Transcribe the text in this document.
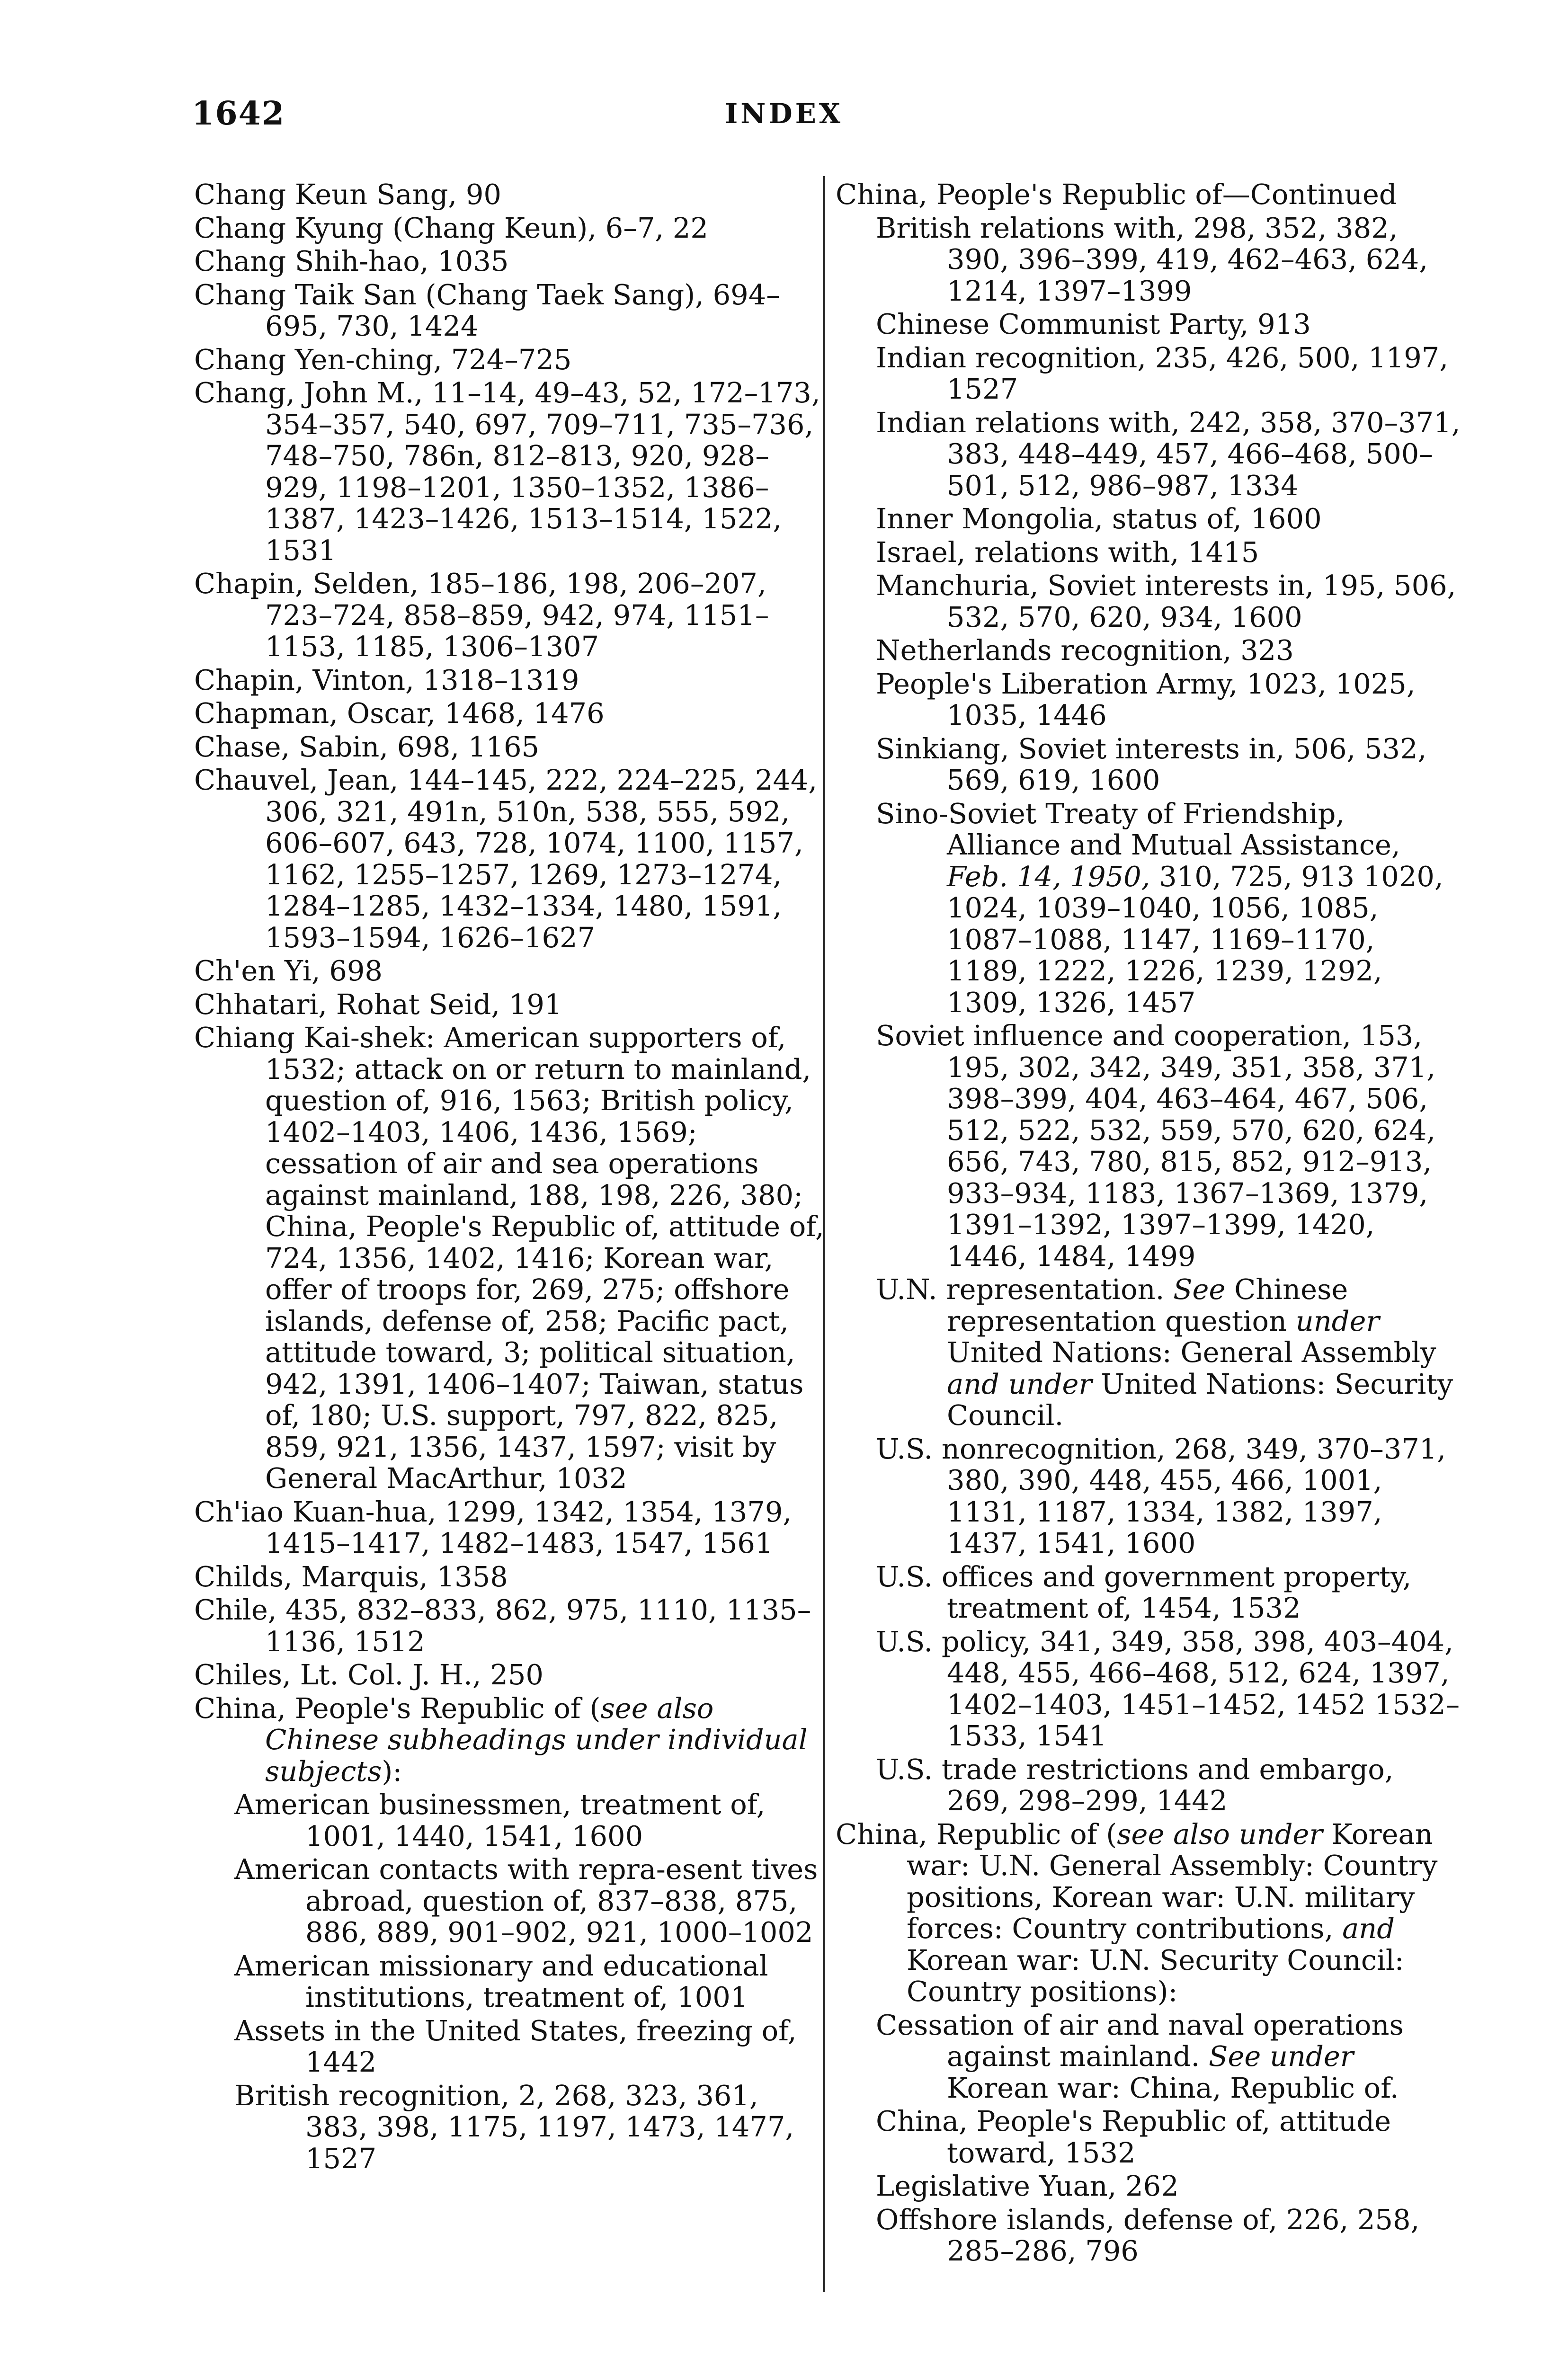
1642	INDEX
Chang Keun Sang, 90
Chang Kyung (Chang Keun), 6–7, 22
Chang Shih-hao, 1035
Chang Taik San (Chang Taek Sang), 694–695, 730, 1424
Chang Yen-ching, 724–725
Chang, John M., 11–14, 49–43, 52, 172–173, 354–357, 540, 697, 709–711, 735–736, 748–750, 786n, 812–813, 920, 928–929, 1198–1201, 1350–1352, 1386–1387, 1423–1426, 1513–1514, 1522, 1531
Chapin, Selden, 185–186, 198, 206–207, 723–724, 858–859, 942, 974, 1151–1153, 1185, 1306–1307
Chapin, Vinton, 1318–1319
Chapman, Oscar, 1468, 1476
Chase, Sabin, 698, 1165
Chauvel, Jean, 144–145, 222, 224–225, 244, 306, 321, 491n, 510n, 538, 555, 592, 606–607, 643, 728, 1074, 1100, 1157, 1162, 1255–1257, 1269, 1273–1274, 1284–1285, 1432–1334, 1480, 1591, 1593–1594, 1626–1627
Ch'en Yi, 698
Chhatari, Rohat Seid, 191
Chiang Kai-shek: American supporters of, 1532; attack on or return to mainland, question of, 916, 1563; British policy, 1402–1403, 1406, 1436, 1569; cessation of air and sea operations against mainland, 188, 198, 226, 380; China, People's Republic of, attitude of, 724, 1356, 1402, 1416; Korean war, offer of troops for, 269, 275; offshore islands, defense of, 258; Pacific pact, attitude toward, 3; political situation, 942, 1391, 1406–1407; Taiwan, status of, 180; U.S. support, 797, 822, 825, 859, 921, 1356, 1437, 1597; visit by General MacArthur, 1032
Ch'iao Kuan-hua, 1299, 1342, 1354, 1379, 1415–1417, 1482–1483, 1547, 1561
Childs, Marquis, 1358
Chile, 435, 832–833, 862, 975, 1110, 1135–1136, 1512
Chiles, Lt. Col. J. H., 250
China, People's Republic of (see also Chinese subheadings under individual subjects):
American businessmen, treatment of, 1001, 1440, 1541, 1600
American contacts with repra-esent tives abroad, question of, 837–838, 875, 886, 889, 901–902, 921, 1000–1002
American missionary and educational institutions, treatment of, 1001
Assets in the United States, freezing of, 1442
British recognition, 2, 268, 323, 361, 383, 398, 1175, 1197, 1473, 1477, 1527
China, People's Republic of—Continued
British relations with, 298, 352, 382, 390, 396–399, 419, 462–463, 624, 1214, 1397–1399
Chinese Communist Party, 913
Indian recognition, 235, 426, 500, 1197, 1527
Indian relations with, 242, 358, 370–371, 383, 448–449, 457, 466–468, 500–501, 512, 986–987, 1334
Inner Mongolia, status of, 1600
Israel, relations with, 1415
Manchuria, Soviet interests in, 195, 506, 532, 570, 620, 934, 1600
Netherlands recognition, 323
People's Liberation Army, 1023, 1025, 1035, 1446
Sinkiang, Soviet interests in, 506, 532, 569, 619, 1600
Sino-Soviet Treaty of Friendship, Alliance and Mutual Assistance, Feb. 14, 1950, 310, 725, 913 1020, 1024, 1039–1040, 1056, 1085, 1087–1088, 1147, 1169–1170, 1189, 1222, 1226, 1239, 1292, 1309, 1326, 1457
Soviet influence and cooperation, 153, 195, 302, 342, 349, 351, 358, 371, 398–399, 404, 463–464, 467, 506, 512, 522, 532, 559, 570, 620, 624, 656, 743, 780, 815, 852, 912–913, 933–934, 1183, 1367–1369, 1379, 1391–1392, 1397–1399, 1420, 1446, 1484, 1499
U.N. representation. See Chinese representation question under United Nations: General Assembly and under United Nations: Security Council.
U.S. nonrecognition, 268, 349, 370–371, 380, 390, 448, 455, 466, 1001, 1131, 1187, 1334, 1382, 1397, 1437, 1541, 1600
U.S. offices and government property, treatment of, 1454, 1532
U.S. policy, 341, 349, 358, 398, 403–404, 448, 455, 466–468, 512, 624, 1397, 1402–1403, 1451–1452, 1452 1532–1533, 1541
U.S. trade restrictions and embargo, 269, 298–299, 1442
China, Republic of (see also under Korean war: U.N. General Assembly: Country positions, Korean war: U.N. military forces: Country contributions, and Korean war: U.N. Security Council: Country positions):
Cessation of air and naval operations against mainland. See under Korean war: China, Republic of.
China, People's Republic of, attitude toward, 1532
Legislative Yuan, 262
Offshore islands, defense of, 226, 258, 285–286, 796
